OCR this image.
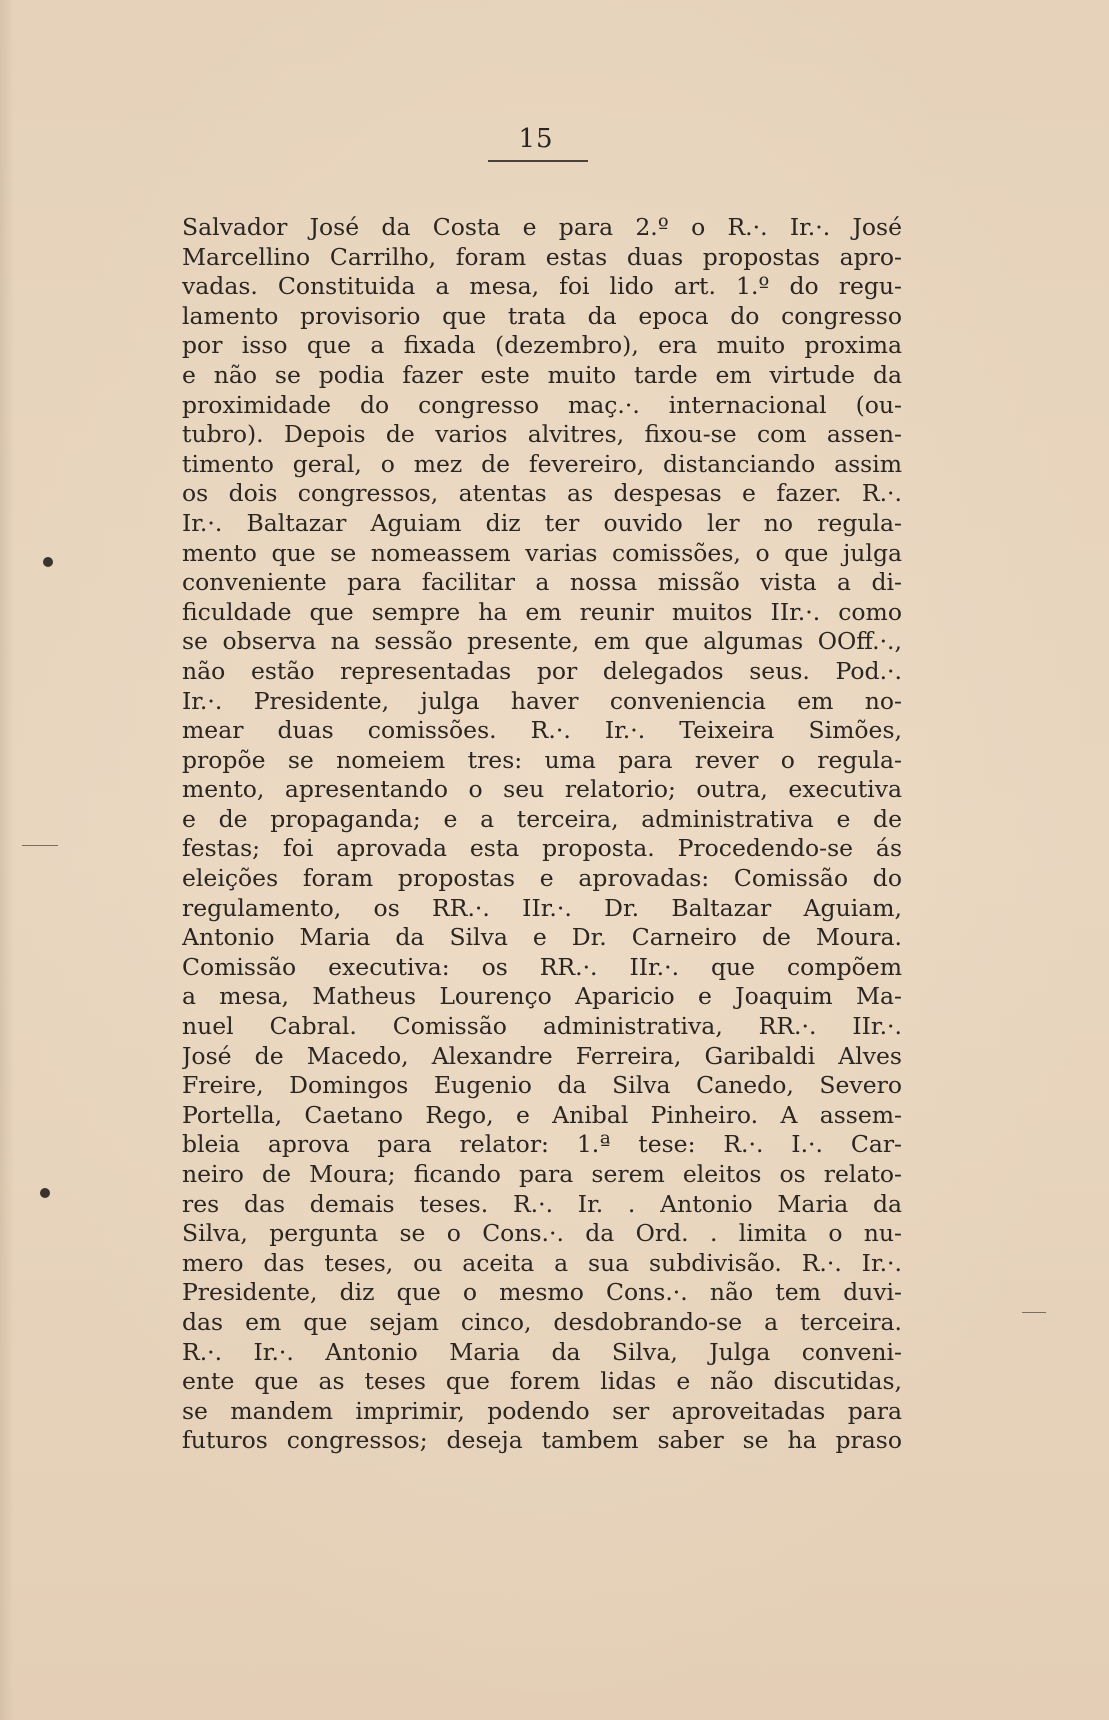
15
Salvador José da Costa e para 2.º o R.·. Ir.·. José
Marcellino Carrilho, foram estas duas propostas apro-
vadas. Constituida a mesa, foi lido art. 1.º do regu-
lamento provisorio que trata da epoca do congresso
por isso que a fixada (dezembro), era muito proxima
e não se podia fazer este muito tarde em virtude da
proximidade do congresso maç.·. internacional (ou-
tubro). Depois de varios alvitres, fixou-se com assen-
timento geral, o mez de fevereiro, distanciando assim
os dois congressos, atentas as despesas e fazer. R.·.
Ir.·. Baltazar Aguiam diz ter ouvido ler no regula-
mento que se nomeassem varias comissões, o que julga
conveniente para facilitar a nossa missão vista a di-
ficuldade que sempre ha em reunir muitos IIr.·. como
se observa na sessão presente, em que algumas OOff.·.,
não estão representadas por delegados seus. Pod.·.
Ir.·. Presidente, julga haver conveniencia em no-
mear duas comissões. R.·. Ir.·. Teixeira Simões,
propõe se nomeiem tres: uma para rever o regula-
mento, apresentando o seu relatorio; outra, executiva
e de propaganda; e a terceira, administrativa e de
festas; foi aprovada esta proposta. Procedendo-se ás
eleições foram propostas e aprovadas: Comissão do
regulamento, os RR.·. IIr.·. Dr. Baltazar Aguiam,
Antonio Maria da Silva e Dr. Carneiro de Moura.
Comissão executiva: os RR.·. IIr.·. que compõem
a mesa, Matheus Lourenço Aparicio e Joaquim Ma-
nuel Cabral. Comissão administrativa, RR.·. IIr.·.
José de Macedo, Alexandre Ferreira, Garibaldi Alves
Freire, Domingos Eugenio da Silva Canedo, Severo
Portella, Caetano Rego, e Anibal Pinheiro. A assem-
bleia aprova para relator: 1.ª tese: R.·. I.·. Car-
neiro de Moura; ficando para serem eleitos os relato-
res das demais teses. R.·. Ir. . Antonio Maria da
Silva, pergunta se o Cons.·. da Ord. . limita o nu-
mero das teses, ou aceita a sua subdivisão. R.·. Ir.·.
Presidente, diz que o mesmo Cons.·. não tem duvi-
das em que sejam cinco, desdobrando-se a terceira.
R.·. Ir.·. Antonio Maria da Silva, Julga conveni-
ente que as teses que forem lidas e não discutidas,
se mandem imprimir, podendo ser aproveitadas para
futuros congressos; deseja tambem saber se ha praso
